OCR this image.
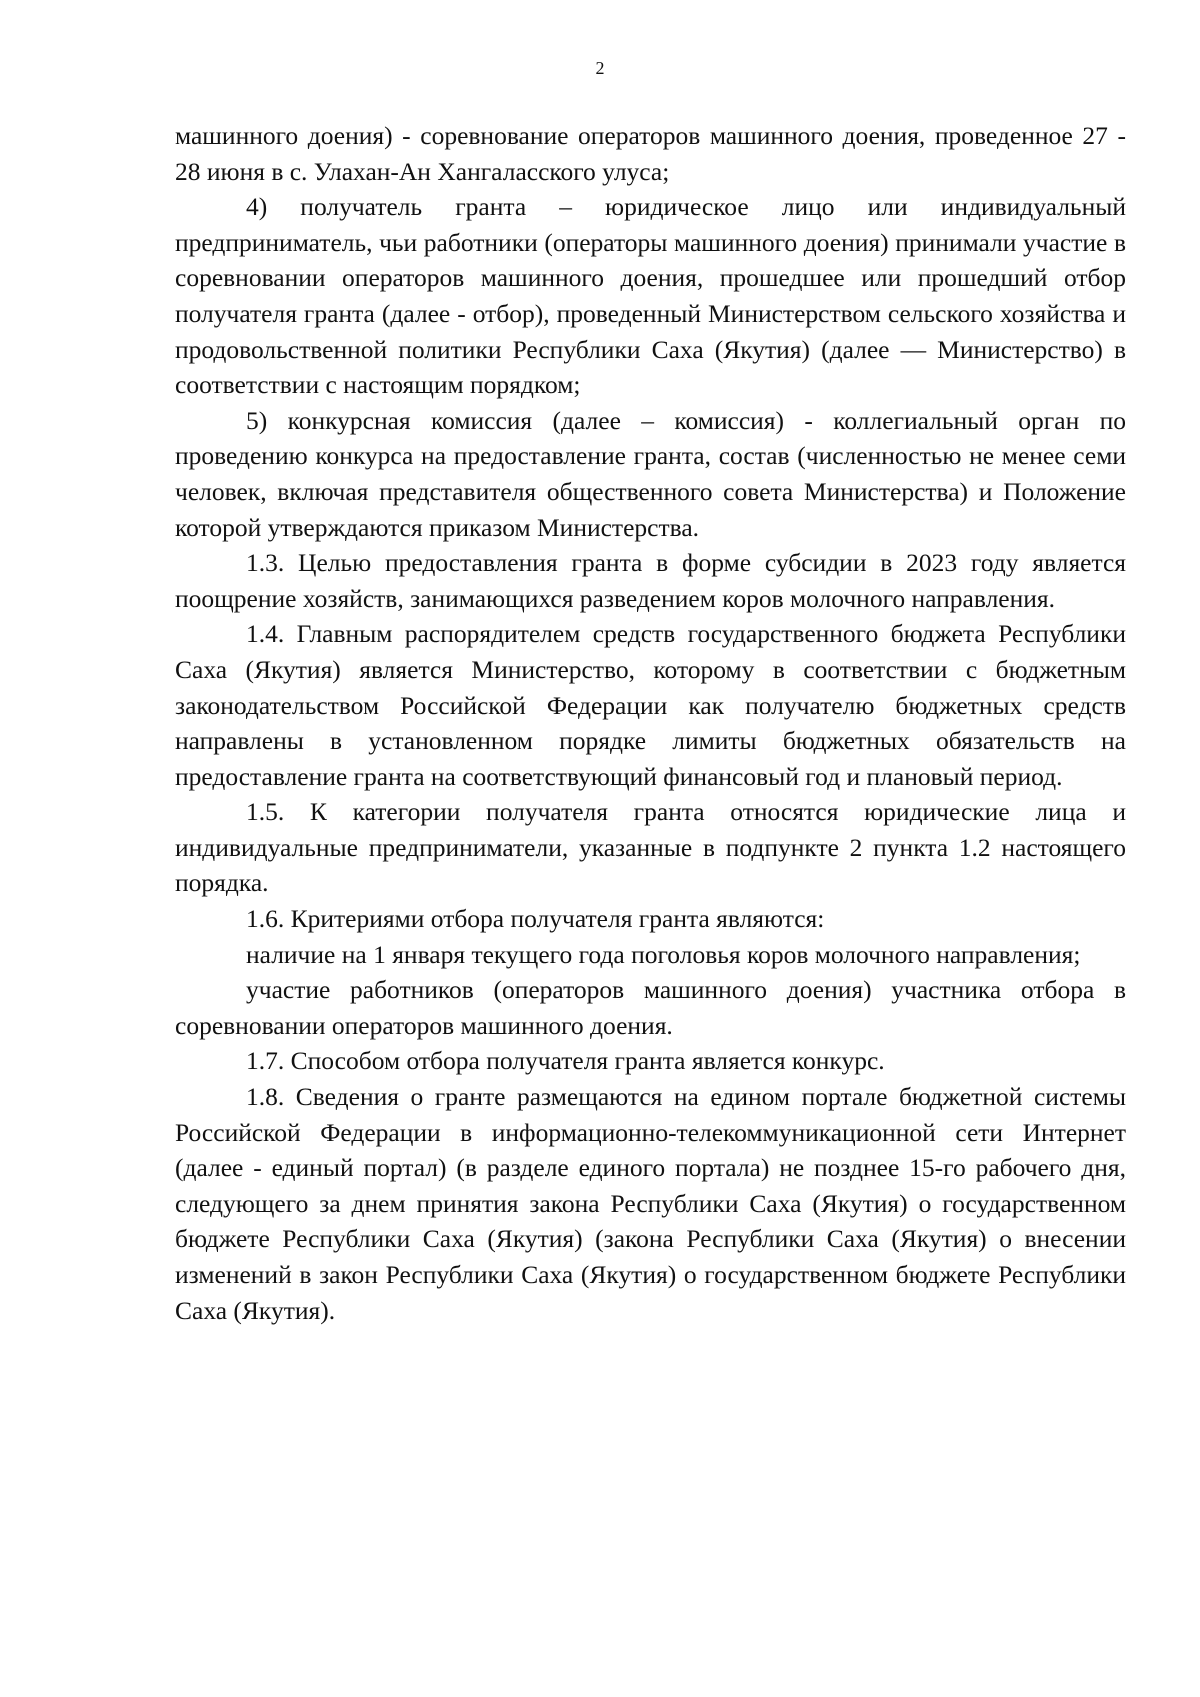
2

машинного доения) - соревнование операторов машинного доения, проведенное 27 - 28 июня в с. Улахан-Ан Хангаласского улуса;

4) получатель гранта – юридическое лицо или индивидуальный предприниматель, чьи работники (операторы машинного доения) принимали участие в соревновании операторов машинного доения, прошедшее или прошедший отбор получателя гранта (далее - отбор), проведенный Министерством сельского хозяйства и продовольственной политики Республики Саха (Якутия) (далее — Министерство) в соответствии с настоящим порядком;

5) конкурсная комиссия (далее – комиссия) - коллегиальный орган по проведению конкурса на предоставление гранта, состав (численностью не менее семи человек, включая представителя общественного совета Министерства) и Положение которой утверждаются приказом Министерства.

1.3. Целью предоставления гранта в форме субсидии в 2023 году является поощрение хозяйств, занимающихся разведением коров молочного направления.

1.4. Главным распорядителем средств государственного бюджета Республики Саха (Якутия) является Министерство, которому в соответствии с бюджетным законодательством Российской Федерации как получателю бюджетных средств направлены в установленном порядке лимиты бюджетных обязательств на предоставление гранта на соответствующий финансовый год и плановый период.

1.5. К категории получателя гранта относятся юридические лица и индивидуальные предприниматели, указанные в подпункте 2 пункта 1.2 настоящего порядка.

1.6. Критериями отбора получателя гранта являются:

наличие на 1 января текущего года поголовья коров молочного направления;

участие работников (операторов машинного доения) участника отбора в соревновании операторов машинного доения.

1.7. Способом отбора получателя гранта является конкурс.

1.8. Сведения о гранте размещаются на едином портале бюджетной системы Российской Федерации в информационно-телекоммуникационной сети Интернет (далее - единый портал) (в разделе единого портала) не позднее 15-го рабочего дня, следующего за днем принятия закона Республики Саха (Якутия) о государственном бюджете Республики Саха (Якутия) (закона Республики Саха (Якутия) о внесении изменений в закон Республики Саха (Якутия) о государственном бюджете Республики Саха (Якутия).
